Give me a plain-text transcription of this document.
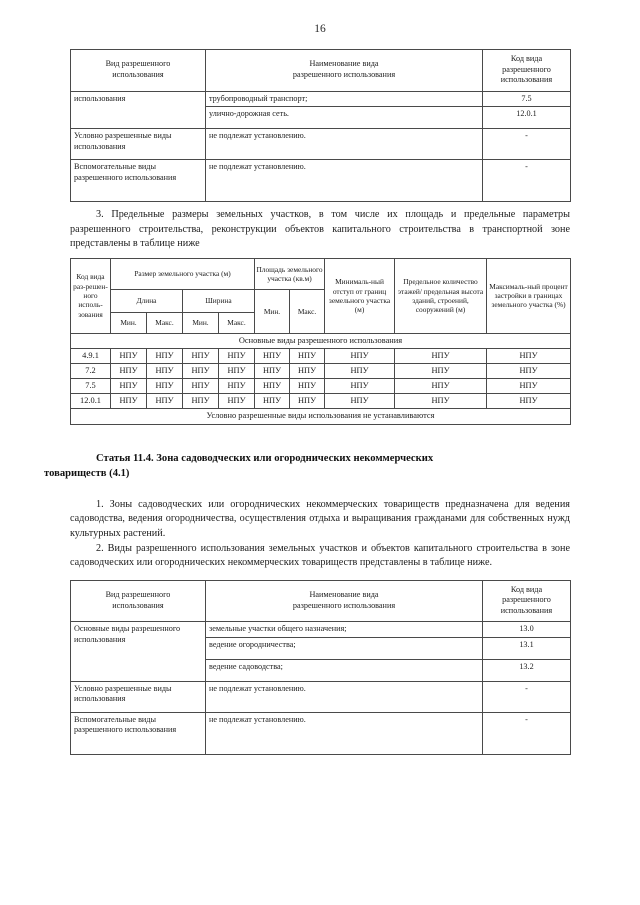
16
Вид разрешенного
использования

Наименование вида
разрешенного использования

Код вида
разрешенного
использования

использования	трубопроводный транспорт;	7.5
	улично-дорожная сеть.	12.0.1
Условно разрешенные виды использования	не подлежат установлению.	-
Вспомогательные виды разрешенного использования	не подлежат установлению.	-

3. Предельные размеры земельных участков, в том числе их площадь и предельные параметры разрешенного строительства, реконструкции объектов капитального строительства в транспортной зоне представлены в таблице ниже

Код вида раз-решен-ного исполь-зования	Размер земельного участка (м)				Площадь земельного участка (кв.м)		Минималь-ный отступ от границ земельного участка (м)	Предельное количество этажей/ предельная высота зданий, строений, сооружений (м)	Максималь-ный процент застройки в границах земельного участка (%)
	Длина		Ширина		Мин.	Макс.			
	Мин.	Макс.	Мин.	Макс.					
Основные виды разрешенного использования									
4.9.1	НПУ	НПУ	НПУ	НПУ	НПУ	НПУ	НПУ	НПУ	НПУ
7.2	НПУ	НПУ	НПУ	НПУ	НПУ	НПУ	НПУ	НПУ	НПУ
7.5	НПУ	НПУ	НПУ	НПУ	НПУ	НПУ	НПУ	НПУ	НПУ
12.0.1	НПУ	НПУ	НПУ	НПУ	НПУ	НПУ	НПУ	НПУ	НПУ
Условно разрешенные виды использования не устанавливаются									
Статья 11.4. Зона садоводческих или огороднических некоммерческих
товариществ (4.1)

1. Зоны садоводческих или огороднических некоммерческих товариществ предназначена для ведения садоводства, ведения огородничества, осуществления отдыха и выращивания гражданами для собственных нужд культурных растений.

2. Виды разрешенного использования земельных участков и объектов капитального строительства в зоне садоводческих или огороднических некоммерческих товариществ представлены в таблице ниже.

Вид разрешенного
использования

Наименование вида
разрешенного использования

Код вида
разрешенного
использования

Основные виды разрешенного использования	земельные участки общего назначения;	13.0
	ведение огородничества;	13.1
	ведение садоводства;	13.2
Условно разрешенные виды использования	не подлежат установлению.	-
Вспомогательные виды разрешенного использования	не подлежат установлению.	-
